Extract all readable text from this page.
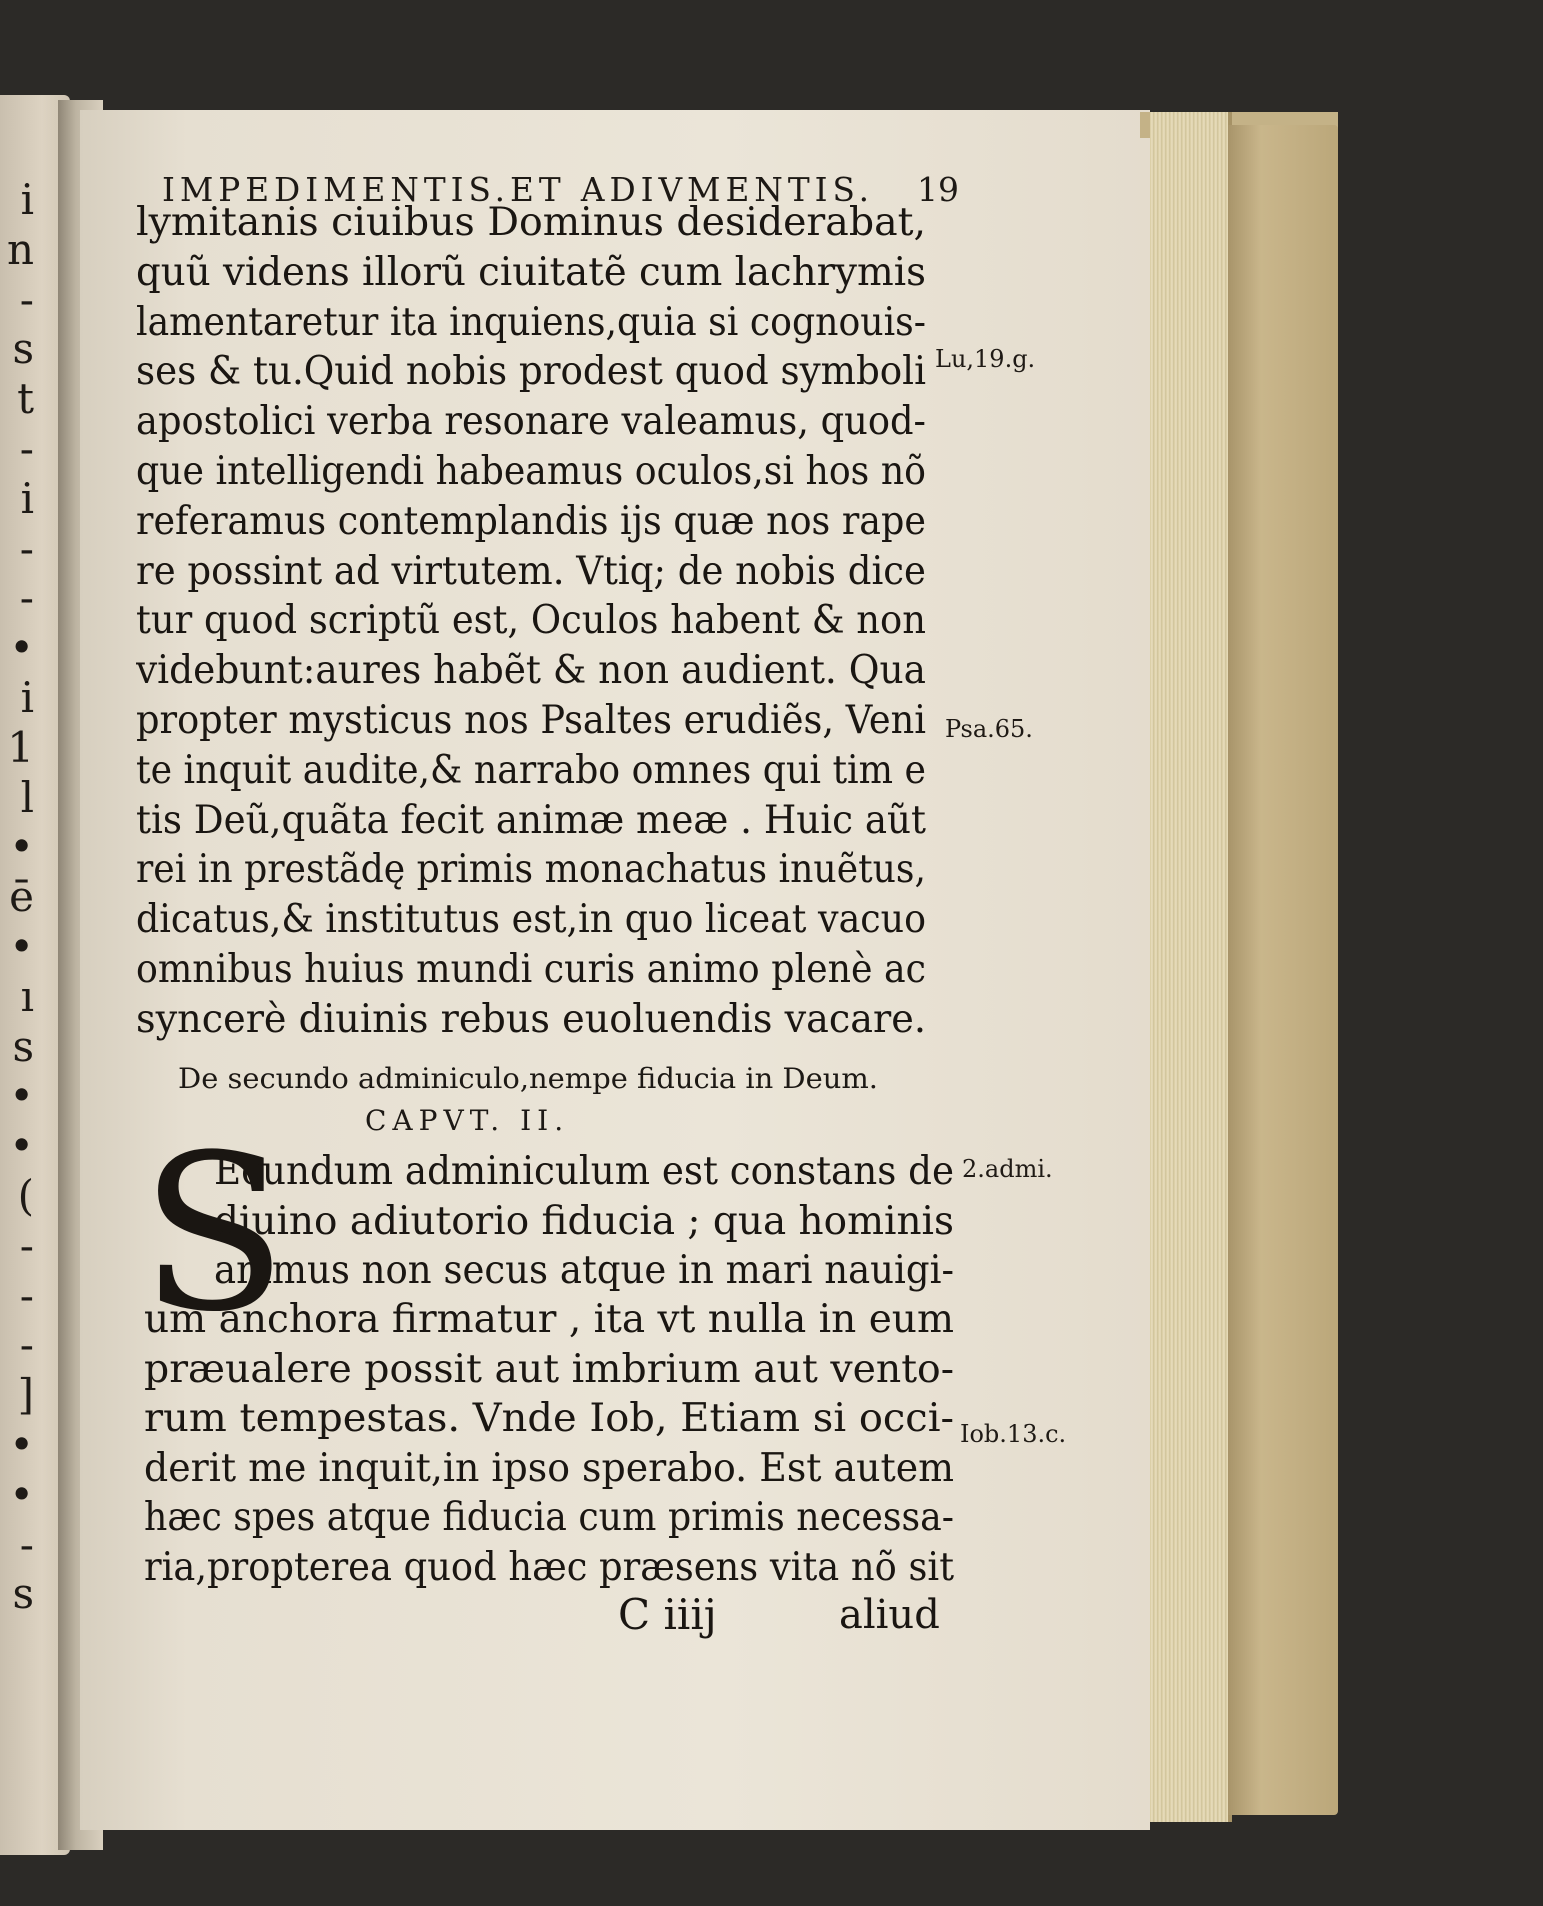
i
n
-
s
t
-
i
-
-
•
i
1
l
•
ē
•
ı
s
•
•
(
-
-
-
]
•
•
-
s
IMPEDIMENTIS.ET ADIVMENTIS. 19
lymitanis ciuibus Dominus desiderabat,
quũ videns illorũ ciuitatẽ cum lachrymis
lamentaretur ita inquiens,quia si cognouis-
ses & tu.Quid nobis prodest quod symboli
apostolici verba resonare valeamus, quod-
que intelligendi habeamus oculos,si hos nõ
referamus contemplandis ijs quæ nos rape
re possint ad virtutem. Vtiq; de nobis dice
tur quod scriptũ est, Oculos habent & non
videbunt:aures habẽt & non audient. Qua
propter mysticus nos Psaltes erudiẽs, Veni
te inquit audite,& narrabo omnes qui tim e
tis Deũ,quãta fecit animæ meæ . Huic aũt
rei in prestãdę primis monachatus inuẽtus,
dicatus,& institutus est,in quo liceat vacuo
omnibus huius mundi curis animo plenè ac
syncerè diuinis rebus euoluendis vacare.
Lu,19.g.
Psa.65.
2.admi.
Iob.13.c.
De secundo adminiculo,nempe fiducia in Deum.
CAPVT. II.
S
Ecundum adminiculum est constans de
diuino adiutorio fiducia ; qua hominis
animus non secus atque in mari nauigi-
um anchora firmatur , ita vt nulla in eum
præualere possit aut imbrium aut vento-
rum tempestas. Vnde Iob, Etiam si occi-
derit me inquit,in ipso sperabo. Est autem
hæc spes atque fiducia cum primis necessa-
ria,propterea quod hæc præsens vita nõ sit
C iiij	aliud
